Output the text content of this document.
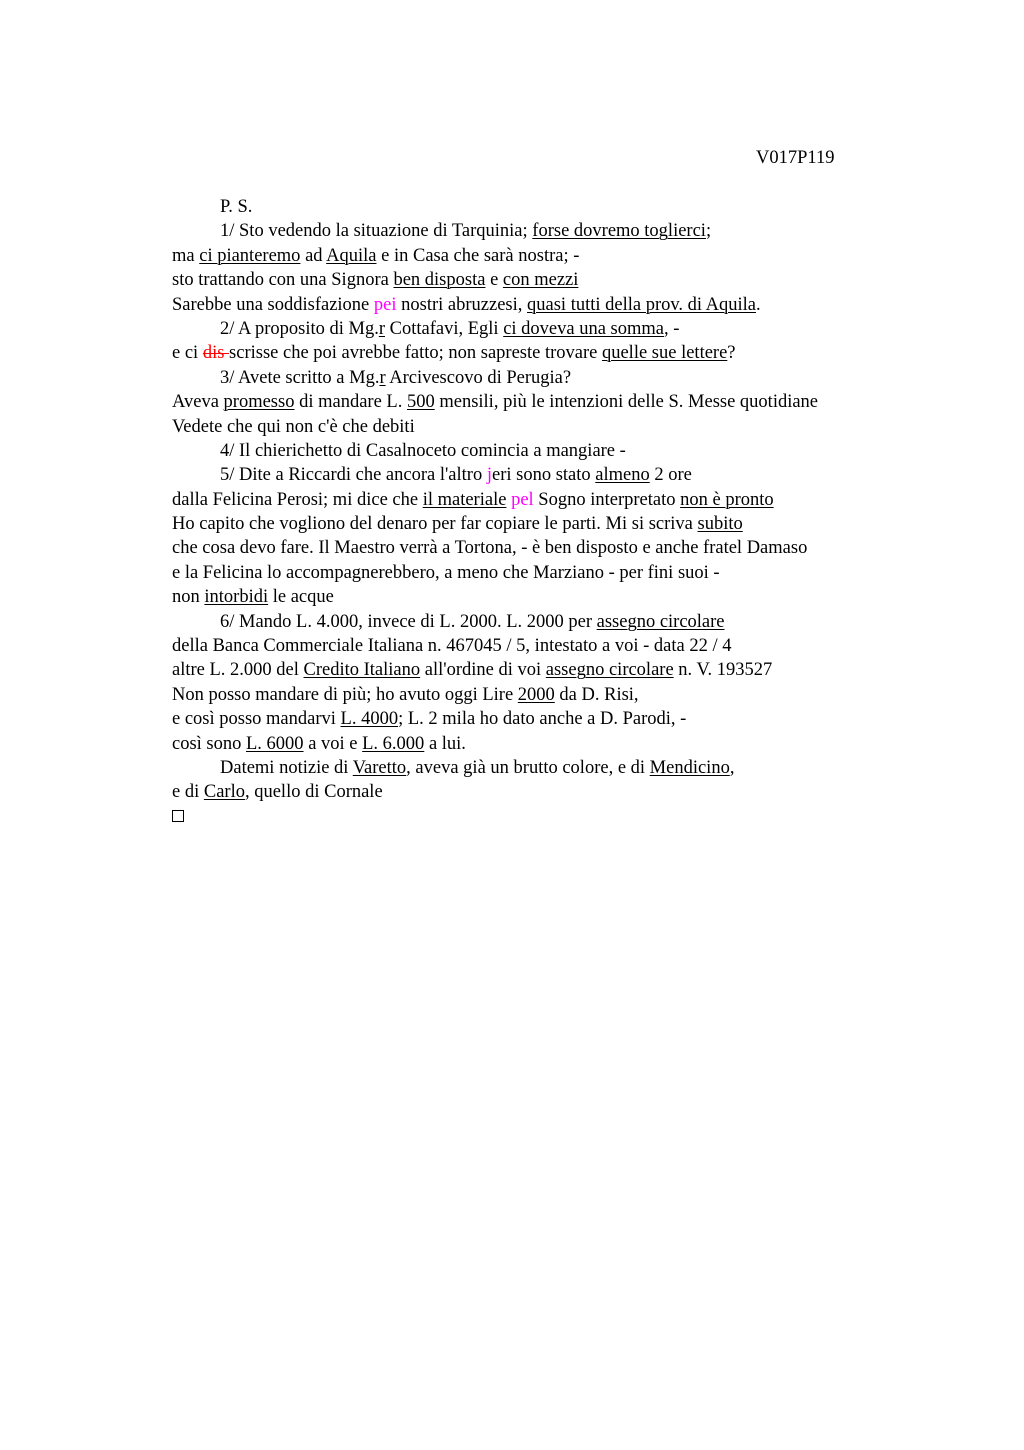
V017P119
P. S.
1/ Sto vedendo la situazione di Tarquinia; forse dovremo toglierci;
ma ci pianteremo ad Aquila e in Casa che sarà nostra; -
sto trattando con una Signora ben disposta e con mezzi
Sarebbe una soddisfazione pei nostri abruzzesi, quasi tutti della prov. di Aquila.
2/ A proposito di Mg.r Cottafavi, Egli ci doveva una somma, -
e ci dis scrisse che poi avrebbe fatto; non sapreste trovare quelle sue lettere?
3/ Avete scritto a Mg.r Arcivescovo di Perugia?
Aveva promesso di mandare L. 500 mensili, più le intenzioni delle S. Messe quotidiane
Vedete che qui non c'è che debiti
4/ Il chierichetto di Casalnoceto comincia a mangiare -
5/ Dite a Riccardi che ancora l'altro jeri sono stato almeno 2 ore
dalla Felicina Perosi; mi dice che il materiale pel Sogno interpretato non è pronto
Ho capito che vogliono del denaro per far copiare le parti. Mi si scriva subito
che cosa devo fare. Il Maestro verrà a Tortona, - è ben disposto e anche fratel Damaso
e la Felicina lo accompagnerebbero, a meno che Marziano - per fini suoi -
non intorbidi le acque
6/ Mando L. 4.000, invece di L. 2000. L. 2000 per assegno circolare
della Banca Commerciale Italiana n. 467045 / 5, intestato a voi - data 22 / 4
altre L. 2.000 del Credito Italiano all'ordine di voi assegno circolare n. V. 193527
Non posso mandare di più; ho avuto oggi Lire 2000 da D. Risi,
e così posso mandarvi L. 4000; L. 2 mila ho dato anche a D. Parodi, -
così sono L. 6000 a voi e L. 6.000 a lui.
Datemi notizie di Varetto, aveva già un brutto colore, e di Mendicino,
e di Carlo, quello di Cornale
